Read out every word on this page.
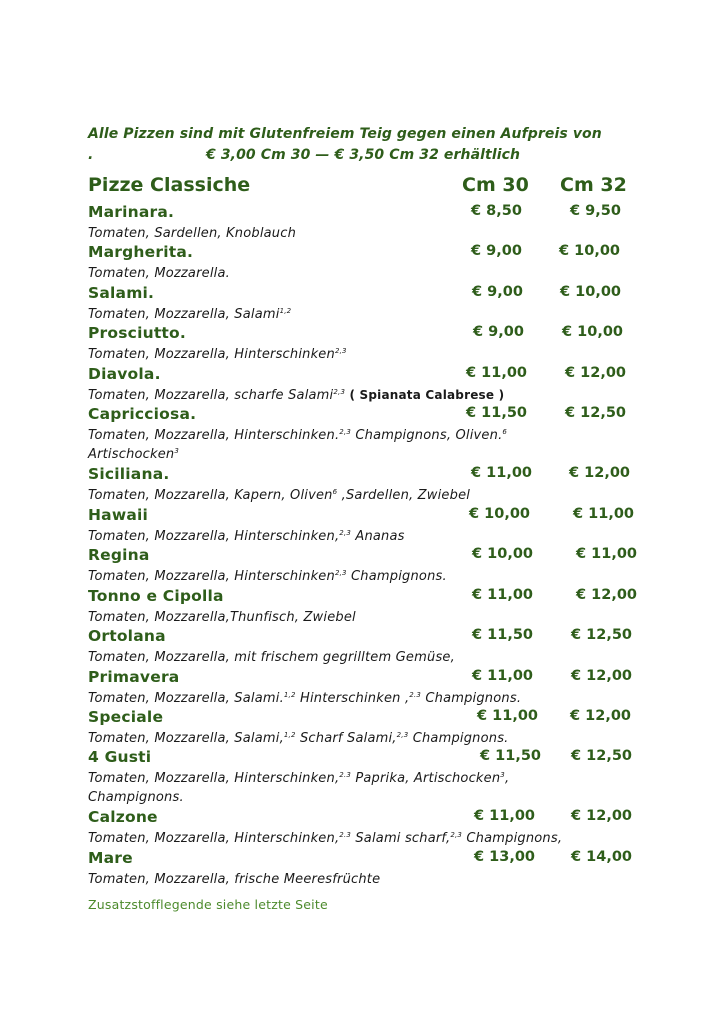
Alle Pizzen sind mit Glutenfreiem Teig gegen einen Aufpreis von
.	€ 3,00 Cm 30 — € 3,50 Cm 32 erhältlich
Pizze Classiche	Cm 30 Cm 32
Marinara.	€ 8,50	€ 9,50
Tomaten, Sardellen, Knoblauch
Margherita.	€ 9,00	€ 10,00
Tomaten, Mozzarella.
Salami.	€ 9,00	€ 10,00
Tomaten, Mozzarella, Salami$^{1,2}$
Prosciutto.	€ 9,00	€ 10,00
Tomaten, Mozzarella, Hinterschinken$^{2,3}$
Diavola.	€ 11,00	€ 12,00
Tomaten, Mozzarella, scharfe Salami$^{2,3}$ ( Spianata Calabrese )
Capricciosa.	€ 11,50	€ 12,50
Tomaten, Mozzarella, Hinterschinken.$^{2,3}$ Champignons, Oliven.$^6$
Artischocken$^3$
Siciliana.	€ 11,00	€ 12,00
Tomaten, Mozzarella, Kapern, Oliven$^6$ ,Sardellen, Zwiebel
Hawaii	€ 10,00	€ 11,00
Tomaten, Mozzarella, Hinterschinken,$^{2,3}$ Ananas
Regina	€ 10,00	€ 11,00
Tomaten, Mozzarella, Hinterschinken$^{2,3}$ Champignons.
Tonno e Cipolla	€ 11,00	€ 12,00
Tomaten, Mozzarella,Thunfisch, Zwiebel
Ortolana	€ 11,50	€ 12,50
Tomaten, Mozzarella, mit frischem gegrilltem Gemüse,
Primavera	€ 11,00	€ 12,00
Tomaten, Mozzarella, Salami.$^{1,2}$ Hinterschinken ,$^{2.3}$ Champignons.
Speciale	€ 11,00 € 12,00
Tomaten, Mozzarella, Salami,$^{1,2}$ Scharf Salami,$^{2,3}$ Champignons.
4 Gusti	€ 11,50 € 12,50
Tomaten, Mozzarella, Hinterschinken,$^{2.3}$ Paprika, Artischocken$^3$,
Champignons.
Calzone	€ 11,00 € 12,00
Tomaten, Mozzarella, Hinterschinken,$^{2.3}$ Salami scharf,$^{2,3}$ Champignons,
Mare	€ 13,00 € 14,00
Tomaten, Mozzarella, frische Meeresfrüchte
Zusatzstofflegende siehe letzte Seite
